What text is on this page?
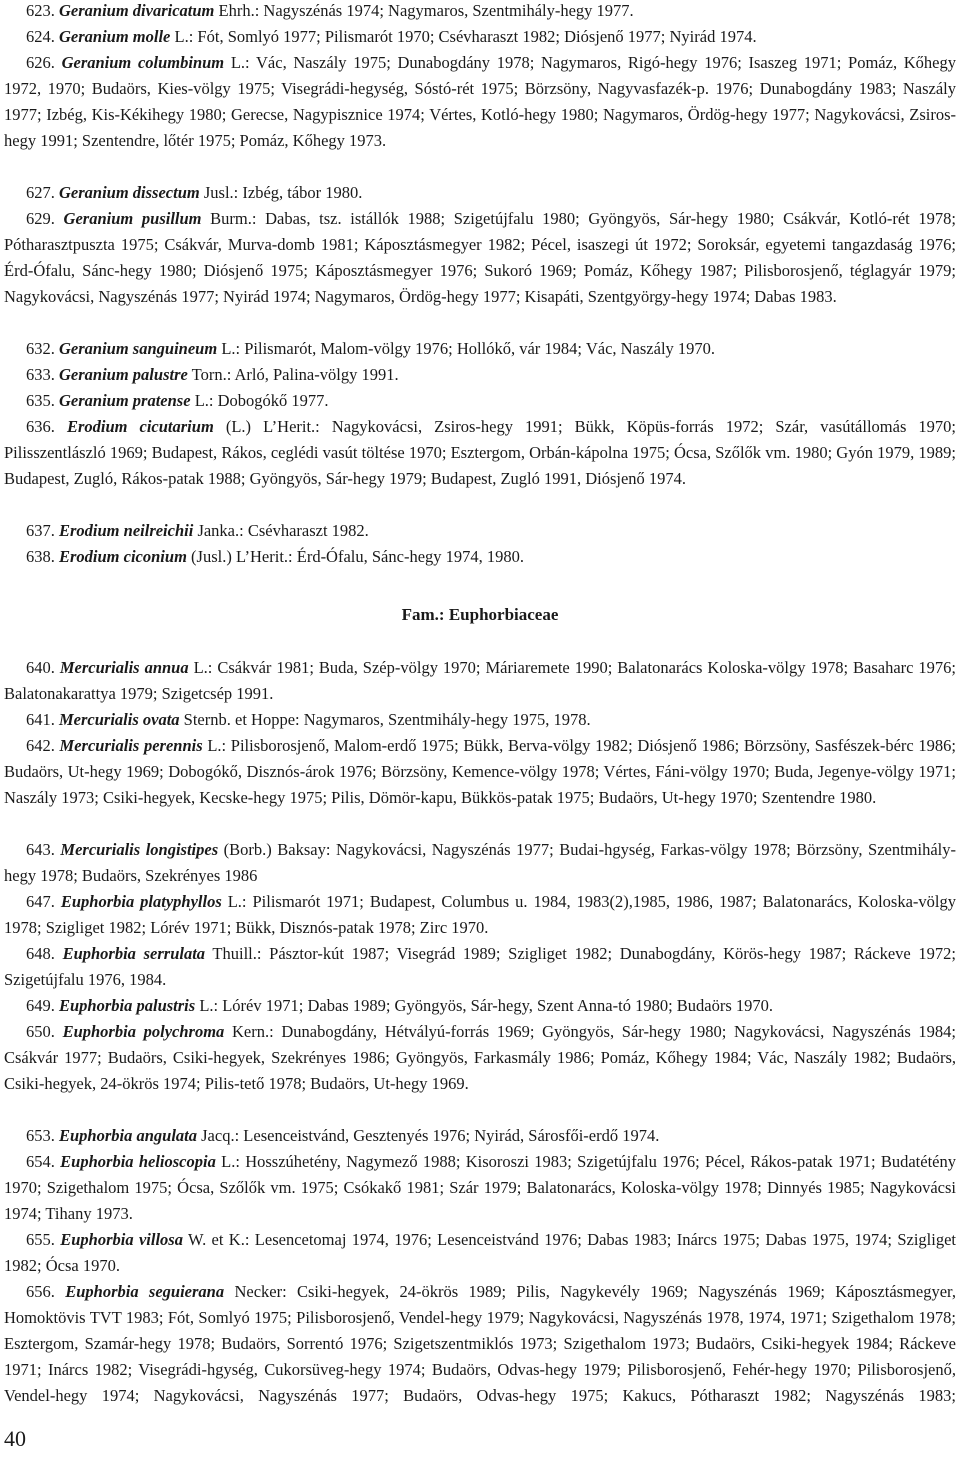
623. Geranium divaricatum Ehrh.: Nagyszénás 1974; Nagymaros, Szentmihály-hegy 1977.

624. Geranium molle L.: Fót, Somlyó 1977; Pilismarót 1970; Csévharaszt 1982; Diósjenő 1977; Nyirád 1974.

626. Geranium columbinum L.: Vác, Naszály 1975; Dunabogdány 1978; Nagymaros, Rigó-hegy 1976; Isaszeg 1971; Pomáz, Kőhegy 1972, 1970; Budaörs, Kies-völgy 1975; Visegrádi-hegység, Sóstó-rét 1975; Börzsöny, Nagyvasfazék-p. 1976; Dunabogdány 1983; Naszály 1977; Izbég, Kis-Kékihegy 1980; Gerecse, Nagypisznice 1974; Vértes, Kotló-hegy 1980; Nagymaros, Ördög-hegy 1977; Nagykovácsi, Zsiros-hegy 1991; Szentendre, lőtér 1975; Pomáz, Kőhegy 1973.

627. Geranium dissectum Jusl.: Izbég, tábor 1980.

629. Geranium pusillum Burm.: Dabas, tsz. istállók 1988; Szigetújfalu 1980; Gyöngyös, Sár-hegy 1980; Csákvár, Kotló-rét 1978; Pótharasztpuszta 1975; Csákvár, Murva-domb 1981; Káposztásmegyer 1982; Pécel, isaszegi út 1972; Soroksár, egyetemi tangazdaság 1976; Érd-Ófalu, Sánc-hegy 1980; Diósjenő 1975; Káposztásmegyer 1976; Sukoró 1969; Pomáz, Kőhegy 1987; Pilisborosjenő, téglagyár 1979; Nagykovácsi, Nagyszénás 1977; Nyirád 1974; Nagymaros, Ördög-hegy 1977; Kisapáti, Szentgyörgy-hegy 1974; Dabas 1983.

632. Geranium sanguineum L.: Pilismarót, Malom-völgy 1976; Hollókő, vár 1984; Vác, Naszály 1970.

633. Geranium palustre Torn.: Arló, Palina-völgy 1991.

635. Geranium pratense L.: Dobogókő 1977.

636. Erodium cicutarium (L.) L’Herit.: Nagykovácsi, Zsiros-hegy 1991; Bükk, Köpüs-forrás 1972; Szár, vasútállomás 1970; Pilisszentlászló 1969; Budapest, Rákos, ceglédi vasút töltése 1970; Esztergom, Orbán-kápolna 1975; Ócsa, Szőlők vm. 1980; Gyón 1979, 1989; Budapest, Zugló, Rákos-patak 1988; Gyöngyös, Sár-hegy 1979; Budapest, Zugló 1991, Diósjenő 1974.

637. Erodium neilreichii Janka.: Csévharaszt 1982.

638. Erodium ciconium (Jusl.) L’Herit.: Érd-Ófalu, Sánc-hegy 1974, 1980.

Fam.: Euphorbiaceae

640. Mercurialis annua L.: Csákvár 1981; Buda, Szép-völgy 1970; Máriaremete 1990; Balatonarács Koloska-völgy 1978; Basaharc 1976; Balatonakarattya 1979; Szigetcsép 1991.

641. Mercurialis ovata Sternb. et Hoppe: Nagymaros, Szentmihály-hegy 1975, 1978.

642. Mercurialis perennis L.: Pilisborosjenő, Malom-erdő 1975; Bükk, Berva-völgy 1982; Diósjenő 1986; Börzsöny, Sasfészek-bérc 1986; Budaörs, Ut-hegy 1969; Dobogókő, Disznós-árok 1976; Börzsöny, Kemence-völgy 1978; Vértes, Fáni-völgy 1970; Buda, Jegenye-völgy 1971; Naszály 1973; Csiki-hegyek, Kecske-hegy 1975; Pilis, Dömör-kapu, Bükkös-patak 1975; Budaörs, Ut-hegy 1970; Szentendre 1980.

643. Mercurialis longistipes (Borb.) Baksay: Nagykovácsi, Nagyszénás 1977; Budai-hgység, Farkas-völgy 1978; Börzsöny, Szentmihály-hegy 1978; Budaörs, Szekrényes 1986

647. Euphorbia platyphyllos L.: Pilismarót 1971; Budapest, Columbus u. 1984, 1983(2),1985, 1986, 1987; Balatonarács, Koloska-völgy 1978; Szigliget 1982; Lórév 1971; Bükk, Disznós-patak 1978; Zirc 1970.

648. Euphorbia serrulata Thuill.: Pásztor-kút 1987; Visegrád 1989; Szigliget 1982; Dunabogdány, Körös-hegy 1987; Ráckeve 1972; Szigetújfalu 1976, 1984.

649. Euphorbia palustris L.: Lórév 1971; Dabas 1989; Gyöngyös, Sár-hegy, Szent Anna-tó 1980; Budaörs 1970.

650. Euphorbia polychroma Kern.: Dunabogdány, Hétvályú-forrás 1969; Gyöngyös, Sár-hegy 1980; Nagykovácsi, Nagyszénás 1984; Csákvár 1977; Budaörs, Csiki-hegyek, Szekrényes 1986; Gyöngyös, Farkasmály 1986; Pomáz, Kőhegy 1984; Vác, Naszály 1982; Budaörs, Csiki-hegyek, 24-ökrös 1974; Pilis-tető 1978; Budaörs, Ut-hegy 1969.

653. Euphorbia angulata Jacq.: Lesenceistvánd, Gesztenyés 1976; Nyirád, Sárosfői-erdő 1974.

654. Euphorbia helioscopia L.: Hosszúhetény, Nagymező 1988; Kisoroszi 1983; Szigetújfalu 1976; Pécel, Rákos-patak 1971; Budatétény 1970; Szigethalom 1975; Ócsa, Szőlők vm. 1975; Csókakő 1981; Szár 1979; Balatonarács, Koloska-völgy 1978; Dinnyés 1985; Nagykovácsi 1974; Tihany 1973.

655. Euphorbia villosa W. et K.: Lesencetomaj 1974, 1976; Lesenceistvánd 1976; Dabas 1983; Inárcs 1975; Dabas 1975, 1974; Szigliget 1982; Ócsa 1970.

656. Euphorbia seguierana Necker: Csiki-hegyek, 24-ökrös 1989; Pilis, Nagykevély 1969; Nagyszénás 1969; Káposztásmegyer, Homoktövis TVT 1983; Fót, Somlyó 1975; Pilisborosjenő, Vendel-hegy 1979; Nagykovácsi, Nagyszénás 1978, 1974, 1971; Szigethalom 1978; Esztergom, Szamár-hegy 1978; Budaörs, Sorrentó 1976; Szigetszentmiklós 1973; Szigethalom 1973; Budaörs, Csiki-hegyek 1984; Ráckeve 1971; Inárcs 1982; Visegrádi-hgység, Cukorsüveg-hegy 1974; Budaörs, Odvas-hegy 1979; Pilisborosjenő, Fehér-hegy 1970; Pilisborosjenő, Vendel-hegy 1974; Nagykovácsi, Nagyszénás 1977; Budaörs, Odvas-hegy 1975; Kakucs, Pótharaszt 1982; Nagyszénás 1983;

40
